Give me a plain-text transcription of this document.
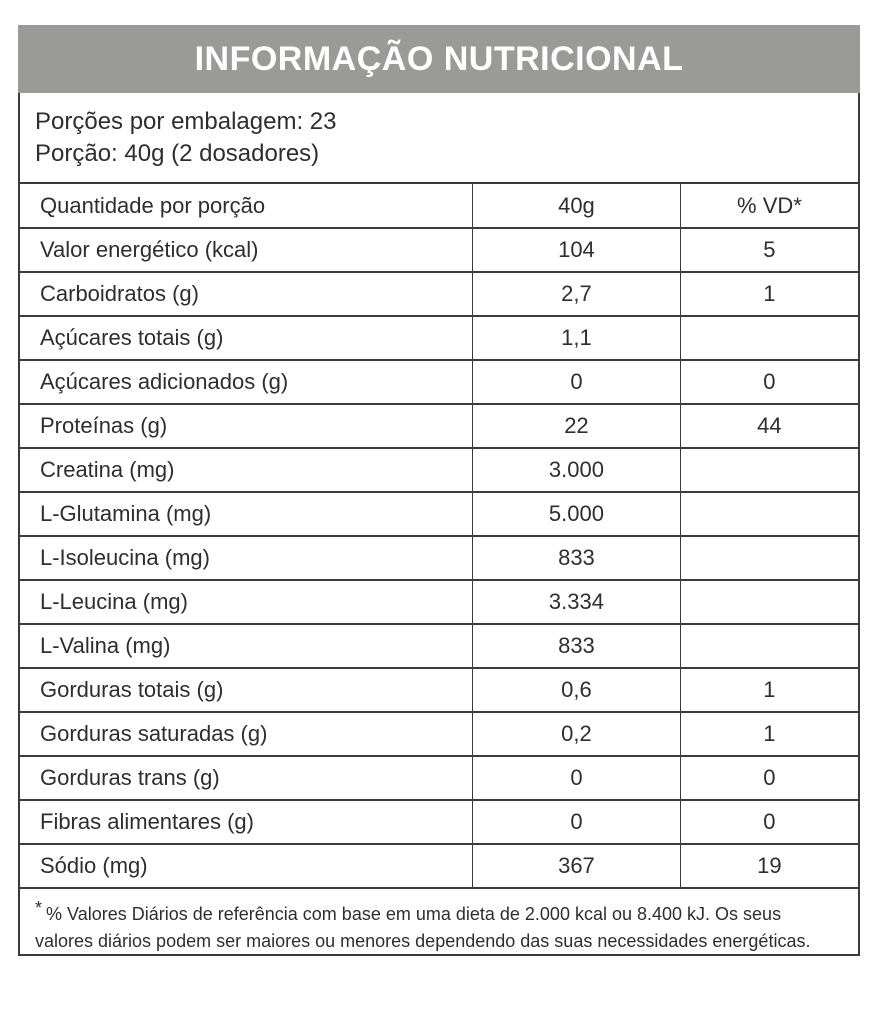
INFORMAÇÃO NUTRICIONAL
Porções por embalagem: 23
Porção: 40g (2 dosadores)
Quantidade por porção	40g	% VD*
Valor energético (kcal)	104	5
Carboidratos (g)	2,7	1
Açúcares totais (g)	1,1	
Açúcares adicionados (g)	0	0
Proteínas (g)	22	44
Creatina (mg)	3.000	
L-Glutamina (mg)	5.000	
L-Isoleucina (mg)	833	
L-Leucina (mg)	3.334	
L-Valina (mg)	833	
Gorduras totais (g)	0,6	1
Gorduras saturadas (g)	0,2	1
Gorduras trans (g)	0	0
Fibras alimentares (g)	0	0
Sódio (mg)	367	19
* % Valores Diários de referência com base em uma dieta de 2.000 kcal ou 8.400 kJ. Os seus
valores diários podem ser maiores ou menores dependendo das suas necessidades energéticas.
